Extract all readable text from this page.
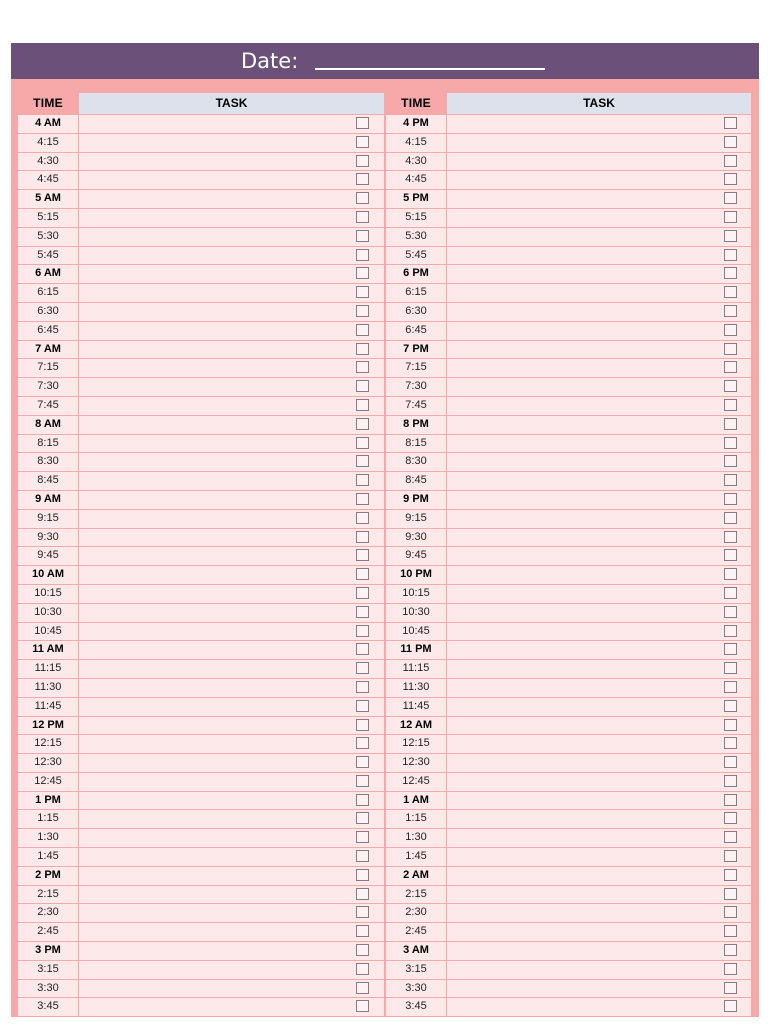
Date:
TIME	TASK
4 AM
4:15
4:30
4:45
5 AM
5:15
5:30
5:45
6 AM
6:15
6:30
6:45
7 AM
7:15
7:30
7:45
8 AM
8:15
8:30
8:45
9 AM
9:15
9:30
9:45
10 AM
10:15
10:30
10:45
11 AM
11:15
11:30
11:45
12 PM
12:15
12:30
12:45
1 PM
1:15
1:30
1:45
2 PM
2:15
2:30
2:45
3 PM
3:15
3:30
3:45
TIME	TASK
4 PM
4:15
4:30
4:45
5 PM
5:15
5:30
5:45
6 PM
6:15
6:30
6:45
7 PM
7:15
7:30
7:45
8 PM
8:15
8:30
8:45
9 PM
9:15
9:30
9:45
10 PM
10:15
10:30
10:45
11 PM
11:15
11:30
11:45
12 AM
12:15
12:30
12:45
1 AM
1:15
1:30
1:45
2 AM
2:15
2:30
2:45
3 AM
3:15
3:30
3:45
